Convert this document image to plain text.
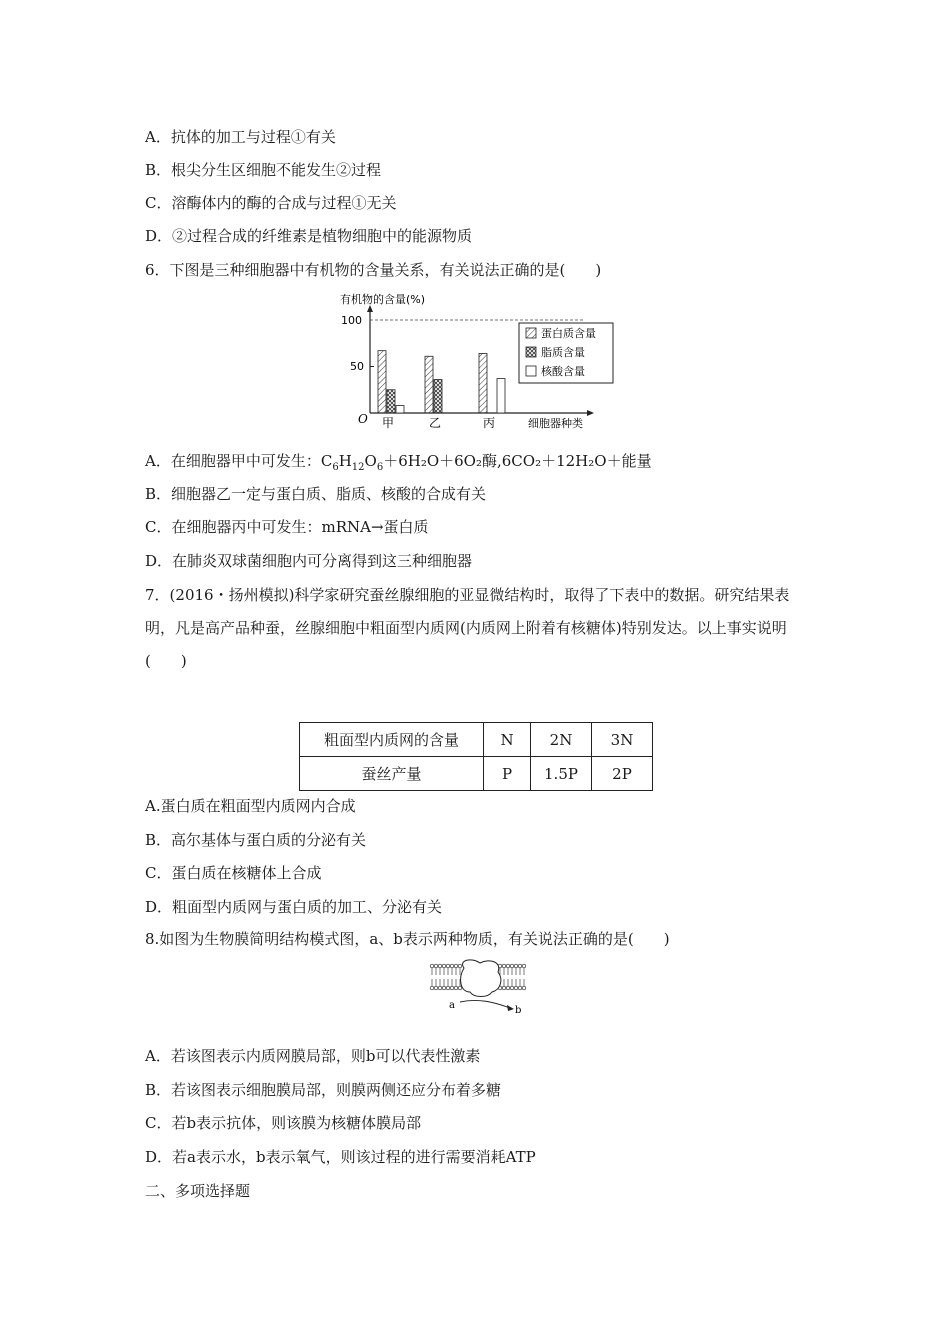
A．抗体的加工与过程①有关
B．根尖分生区细胞不能发生②过程
C．溶酶体内的酶的合成与过程①无关
D．②过程合成的纤维素是植物细胞中的能源物质
6．下图是三种细胞器中有机物的含量关系，有关说法正确的是(　　)
有机物的含量(%)
100
50
O	细胞器种类
甲	乙	丙
蛋白质含量
脂质含量
核酸含量
A．在细胞器甲中可发生：$C_6H_{12}O_6+6H_2O+6O_2$酶,6CO₂＋12H₂O＋能量
B．细胞器乙一定与蛋白质、脂质、核酸的合成有关
C．在细胞器丙中可发生：mRNA→蛋白质
D．在肺炎双球菌细胞内可分离得到这三种细胞器
7．(2016・扬州模拟)科学家研究蚕丝腺细胞的亚显微结构时，取得了下表中的数据。研究结果表明，凡是高产品种蚕，丝腺细胞中粗面型内质网(内质网上附着有核糖体)特别发达。以上事实说明(　　)
粗面型内质网的含量	N	2N	3N
蚕丝产量	P	1.5P	2P
A.蛋白质在粗面型内质网内合成
B．高尔基体与蛋白质的分泌有关
C．蛋白质在核糖体上合成
D．粗面型内质网与蛋白质的加工、分泌有关
8.如图为生物膜简明结构模式图，a、b表示两种物质，有关说法正确的是(　　)
a	b
A．若该图表示内质网膜局部，则b可以代表性激素
B．若该图表示细胞膜局部，则膜两侧还应分布着多糖
C．若b表示抗体，则该膜为核糖体膜局部
D．若a表示水，b表示氧气，则该过程的进行需要消耗ATP
二、多项选择题
